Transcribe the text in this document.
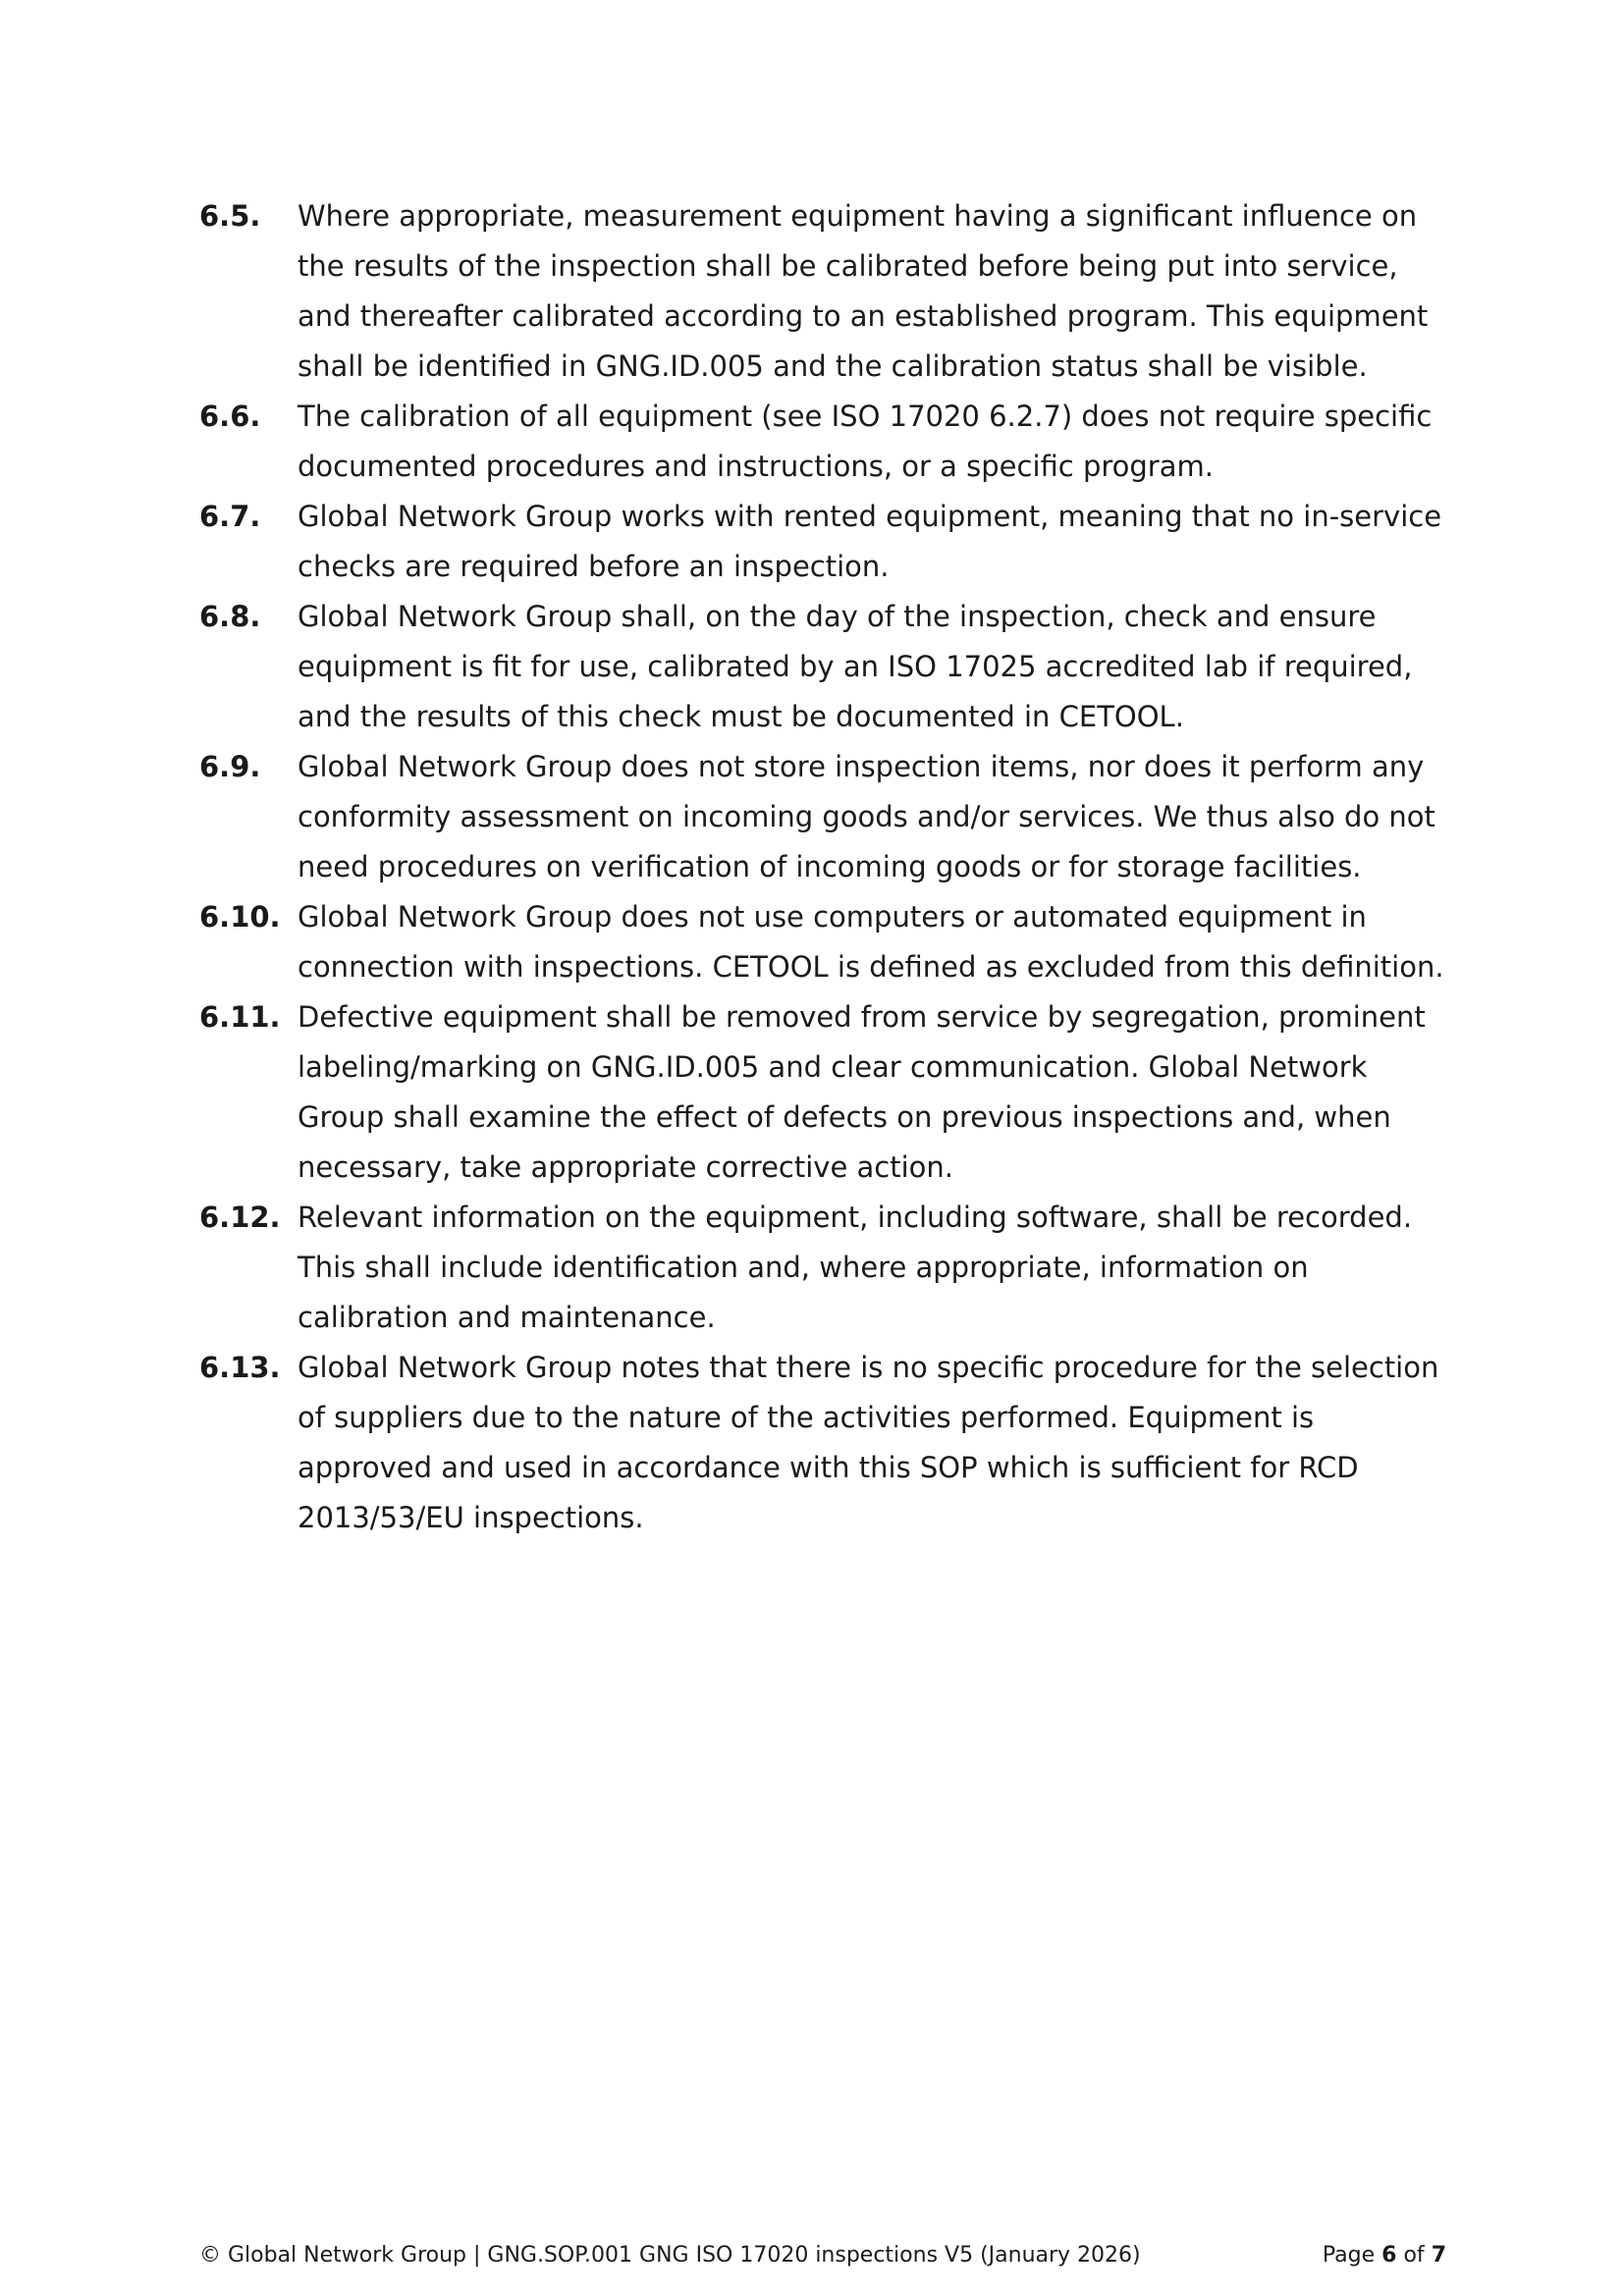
6.5. Where appropriate, measurement equipment having a significant influence on the results of the inspection shall be calibrated before being put into service, and thereafter calibrated according to an established program. This equipment shall be identified in GNG.ID.005 and the calibration status shall be visible.
6.6. The calibration of all equipment (see ISO 17020 6.2.7) does not require specific documented procedures and instructions, or a specific program.
6.7. Global Network Group works with rented equipment, meaning that no in-service checks are required before an inspection.
6.8. Global Network Group shall, on the day of the inspection, check and ensure equipment is fit for use, calibrated by an ISO 17025 accredited lab if required, and the results of this check must be documented in CETOOL.
6.9. Global Network Group does not store inspection items, nor does it perform any conformity assessment on incoming goods and/or services. We thus also do not need procedures on verification of incoming goods or for storage facilities.
6.10. Global Network Group does not use computers or automated equipment in connection with inspections. CETOOL is defined as excluded from this definition.
6.11. Defective equipment shall be removed from service by segregation, prominent labeling/marking on GNG.ID.005 and clear communication. Global Network Group shall examine the effect of defects on previous inspections and, when necessary, take appropriate corrective action.
6.12. Relevant information on the equipment, including software, shall be recorded. This shall include identification and, where appropriate, information on calibration and maintenance.
6.13. Global Network Group notes that there is no specific procedure for the selection of suppliers due to the nature of the activities performed. Equipment is approved and used in accordance with this SOP which is sufficient for RCD 2013/53/EU inspections.
© Global Network Group | GNG.SOP.001 GNG ISO 17020 inspections V5 (January 2026)	Page 6 of 7
